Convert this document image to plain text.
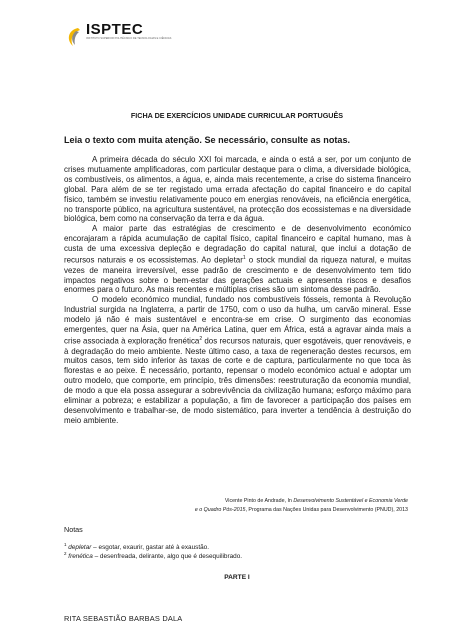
ISPTEC
INSTITUTO SUPERIOR POLITÉCNICO DE TECNOLOGIAS E CIÊNCIAS
FICHA DE EXERCÍCIOS UNIDADE CURRICULAR PORTUGUÊS
Leia o texto com muita atenção. Se necessário, consulte as notas.

A primeira década do século XXI foi marcada, e ainda o está a ser, por um conjunto de crises mutuamente amplificadoras, com particular destaque para o clima, a diversidade biológica, os combustíveis, os alimentos, a água, e, ainda mais recentemente, a crise do sistema financeiro global. Para além de se ter registado uma errada afectação do capital financeiro e do capital físico, também se investiu relativamente pouco em energias renováveis, na eficiência energética, no transporte público, na agricultura sustentável, na protecção dos ecossistemas e na diversidade biológica, bem como na conservação da terra e da água.

A maior parte das estratégias de crescimento e de desenvolvimento económico encorajaram a rápida acumulação de capital físico, capital financeiro e capital humano, mas à custa de uma excessiva depleção e degradação do capital natural, que inclui a dotação de recursos naturais e os ecossistemas. Ao depletar$^1$ o stock mundial da riqueza natural, e muitas vezes de maneira irreversível, esse padrão de crescimento e de desenvolvimento tem tido impactos negativos sobre o bem-estar das gerações actuais e apresenta riscos e desafios enormes para o futuro. As mais recentes e múltiplas crises são um sintoma desse padrão.

O modelo económico mundial, fundado nos combustíveis fósseis, remonta à Revolução Industrial surgida na Inglaterra, a partir de 1750, com o uso da hulha, um carvão mineral. Esse modelo já não é mais sustentável e encontra-se em crise. O surgimento das economias emergentes, quer na Ásia, quer na América Latina, quer em África, está a agravar ainda mais a crise associada à exploração frenética$^2$ dos recursos naturais, quer esgotáveis, quer renováveis, e à degradação do meio ambiente. Neste último caso, a taxa de regeneração destes recursos, em muitos casos, tem sido inferior às taxas de corte e de captura, particularmente no que toca às florestas e ao peixe. É necessário, portanto, repensar o modelo económico actual e adoptar um outro modelo, que comporte, em princípio, três dimensões: reestruturação da economia mundial, de modo a que ela possa assegurar a sobrevivência da civilização humana; esforço máximo para eliminar a pobreza; e estabilizar a população, a fim de favorecer a participação dos países em desenvolvimento e trabalhar-se, de modo sistemático, para inverter a tendência à destruição do meio ambiente.

Vicente Pinto de Andrade, In Desenvolvimento Sustentável e Economia Verde
e o Quadro Pós-2015, Programa das Nações Unidas para Desenvolvimento (PNUD), 2013
Notas
$^1$ depletar – esgotar, exaurir, gastar até à exaustão.
$^2$ frenética – desenfreada, delirante, algo que é desequilibrado.
PARTE I
RITA SEBASTIÃO BARBAS DALA
